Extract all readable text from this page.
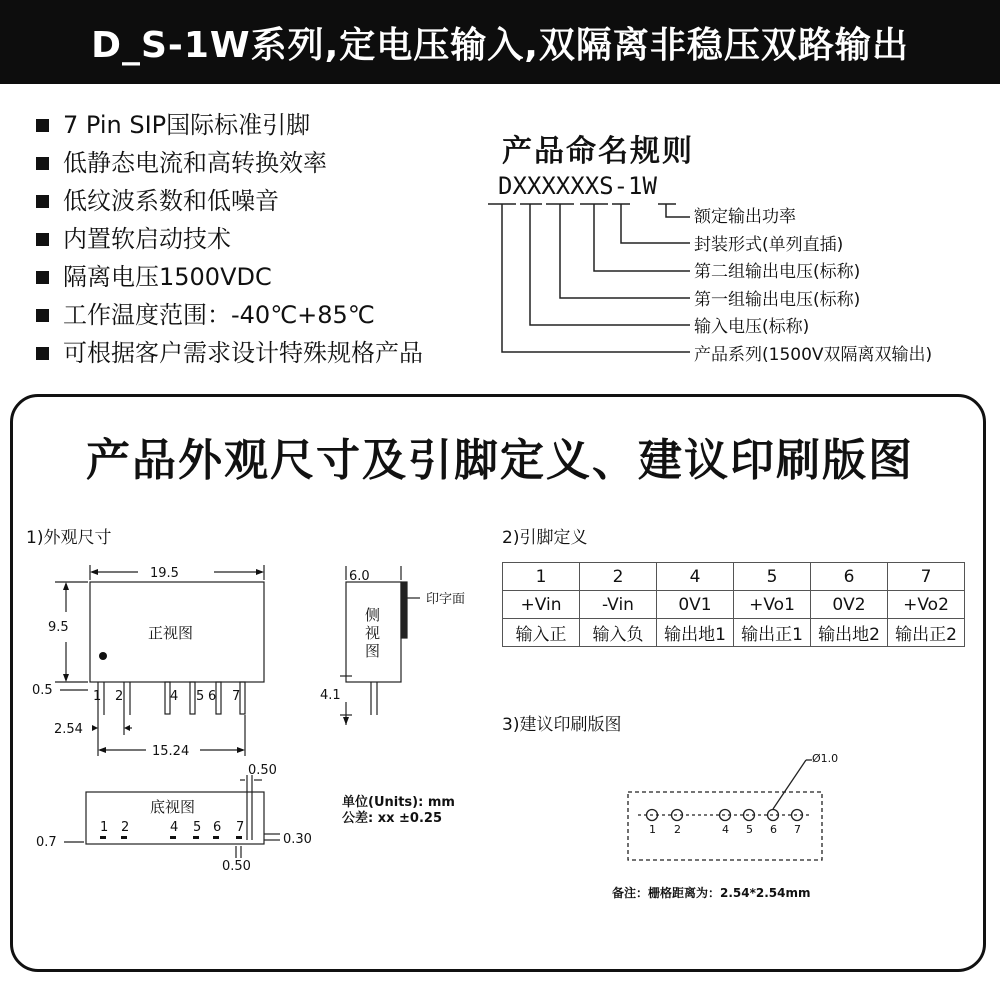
D_S-1W系列,定电压输入,双隔离非稳压双路输出
7 Pin SIP国际标准引脚
低静态电流和高转换效率
低纹波系数和低噪音
内置软启动技术
隔离电压1500VDC
工作温度范围：-40℃+85℃
可根据客户需求设计特殊规格产品
产品命名规则
DXXXXXXS-1W
额定输出功率
封装形式(单列直插)
第二组输出电压(标称)
第一组输出电压(标称)
输入电压(标称)
产品系列(1500V双隔离双输出)
产品外观尺寸及引脚定义、建议印刷版图
1)外观尺寸	2)引脚定义
3)建议印刷版图
19.5
9.5	正视图
0.5
2.54
15.24
6.0
印字面
4.1
底视图
0.50
0.30
0.7
0.50
1 2	4 5 6 7
1 2	4 5 6 7
侧视图
单位(Units): mm
公差: xx ±0.25
1	2	4	5	6	7
+Vin	-Vin	0V1	+Vo1	0V2	+Vo2
输入正	输入负	输出地1	输出正1	输出地2	输出正2
Ø1.0
1 2	4 5 6 7
备注：栅格距离为：2.54*2.54mm
